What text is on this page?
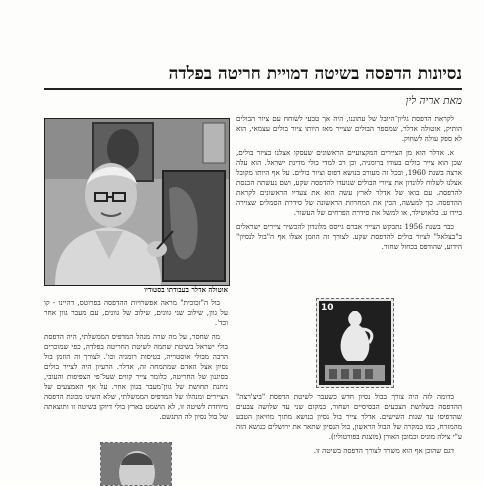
נסיונות הדפסה בשיטה דמויית חריטה בפלדה
מאת אריה לין

לקראת הדפסת גליון־היובל של עתוננו, היה אך טבעי לשוחח עם ציור הבולים הותיק, אוטולה אדלר, שמספר הבולים שצייר מאז היותו ציור בולים עצמאי, הוא לא ספק עולה לשחוק.

א. אדלר הוא מן הציירים המקצועיים הראשונים שעסקו אצלנו בציור בולים, שכן הוא צייר בולים בעודו ברומניה, וכן רב למדי בולי מדינת ישראל. הוא עלה ארצה בשנת 1960, ובכל זה מעורב בנושא דפוס וציור בולים. על אף היותו מקובל אצלנו לשלוח ללונדון את ציורי הבולים שנועדו להדפסה שקע, ושם נעשתה הכנסת להדפסה. עם בואו של אדלר לארץ עשה הוא את צעדיו הראשונים לקראת ההדפסה. כך למעשה, הכין את המחרוזת הראשונה של סידרת הסמלים שצוירה ביידו ע. בלאושילד, או למשל את סידרת הפרחים של העשור.

כבר בשנת 1956 נתבקש הצייר אברם גייסס מלונדון להכשיר ציירים ישראלים ב"בצלאל" לציור בולים להדפסת שקע. לצורך זה הוזמן אצלו אף ה"בול לנסיון" הידוע, שהודפס בכחול שחור.

אוטולה אדלר בעבודתו בסטודיו

בול ה"זכוכית" מראה אפשרויות ההדפסה בפרוטס, דהיינו - קו על גוון, שילוב שני גוונים, שילוב של גוונים, עם מעבר גוון אחר וכד'.

מה שחסר, על מה שרה מנהל המדפיס הממשלתי, היה הדפסת בולי ישראל בשיטת שתמה לשיטת החריטה בפלדה, כפי שמוכרים הרבה מבולי אוסטריה, בטיסות רומניה וכו'. לצורך זה הוזמן בול נסיון אצל האדם שמתמחה זה, אדלר. הרעיון היה לצייר בולים בסיגנון של החריטה, כלומר צייר קווים שעל־פי הצפיפות והעובי, ניתנת תחושת של גוון־מעבר בגוון אחר. על אף האמצעים של הציירים ומנהלו של המדפיס הממשלתי, שלא השיגו מכונת הדפסה מיוחדת לשיטה זו, לא הושמט בארץ בולי דיוקן בשיטה זו ותוצאתה של בול נסיון לה התגשם.

10

בדומה לזה היה צורך בבול נסיון חדש כשעבר לשיטת הדפסת "ביצ'רצה" ההדפסה בשלושת הצבעים הבסיסיים ושחור, במקום שני עד שלושה צבעים שהדפיסו עד שנות השישים. אדלר צייר בול נסיון בנושא מתוך מוזיאון הטבע מהמזרח, כמו במקרה של הבול הראשון, בול הנסיון שתאר את ירושלים כנושא הזה ע"י צילה מוניס וכמובן האורן (מוצגת בפורטוליו).

דגם שהוכן אף הוא משרד לצורך הדפסה בשיטה זו.
